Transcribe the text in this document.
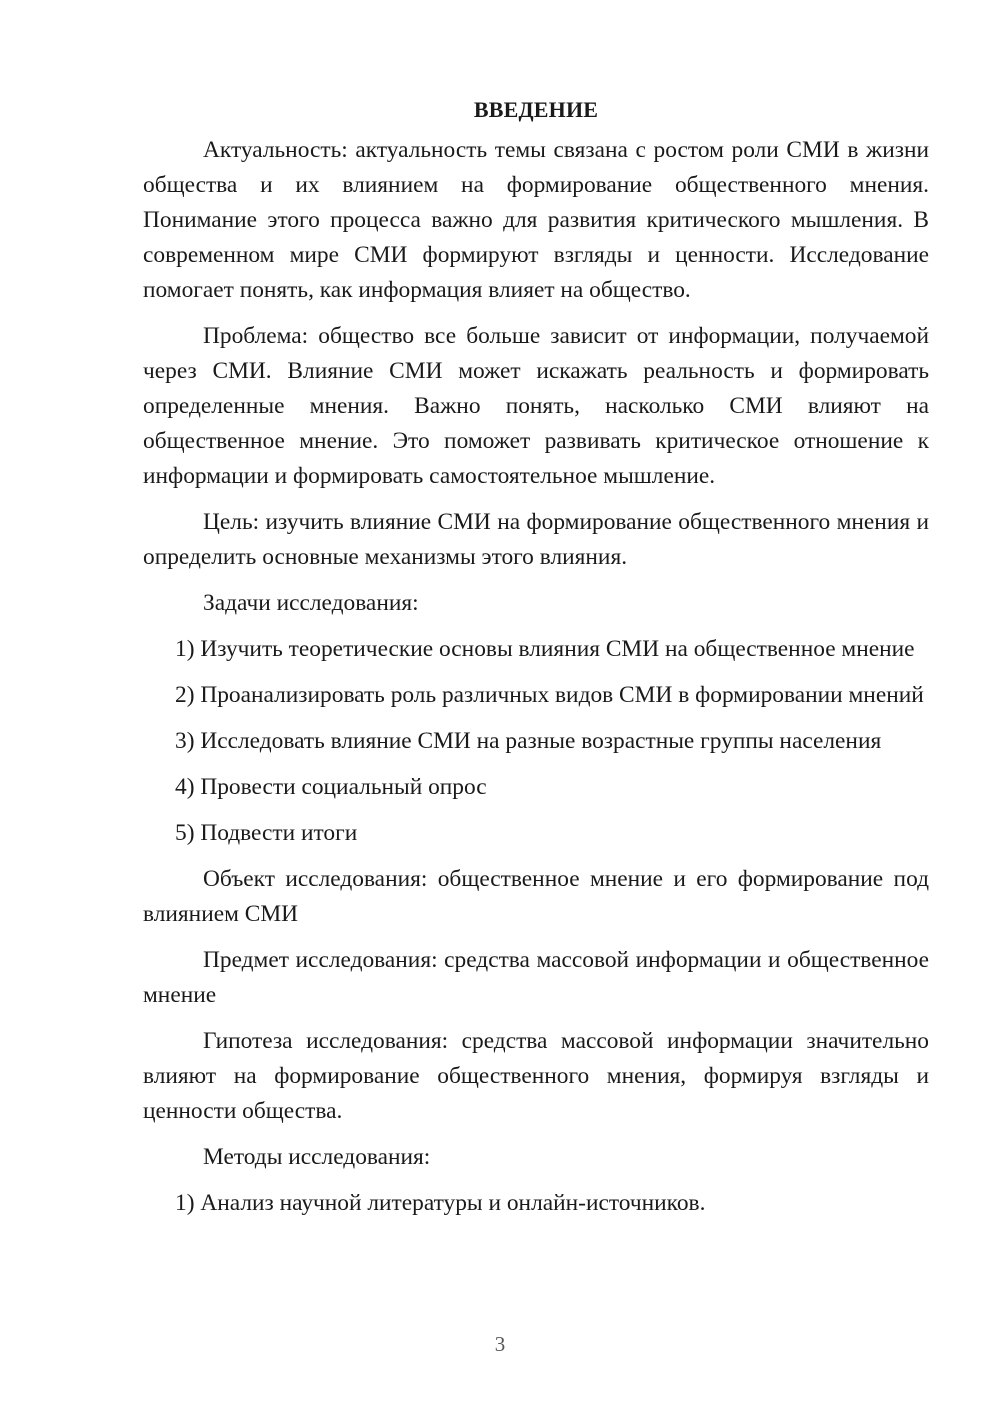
ВВЕДЕНИЕ

Актуальность: актуальность темы связана с ростом роли СМИ в жизни общества и их влиянием на формирование общественного мнения. Понимание этого процесса важно для развития критического мышления. В современном мире СМИ формируют взгляды и ценности. Исследование помогает понять, как информация влияет на общество.

Проблема: общество все больше зависит от информации, получаемой через СМИ. Влияние СМИ может искажать реальность и формировать определенные мнения. Важно понять, насколько СМИ влияют на общественное мнение. Это поможет развивать критическое отношение к информации и формировать самостоятельное мышление.

Цель: изучить влияние СМИ на формирование общественного мнения и определить основные механизмы этого влияния.

Задачи исследования:

1) Изучить теоретические основы влияния СМИ на общественное мнение

2) Проанализировать роль различных видов СМИ в формировании мнений

3) Исследовать влияние СМИ на разные возрастные группы населения

4) Провести социальный опрос

5) Подвести итоги

Объект исследования: общественное мнение и его формирование под влиянием СМИ

Предмет исследования: средства массовой информации и общественное мнение

Гипотеза исследования: средства массовой информации значительно влияют на формирование общественного мнения, формируя взгляды и ценности общества.

Методы исследования:

1) Анализ научной литературы и онлайн-источников.

3
